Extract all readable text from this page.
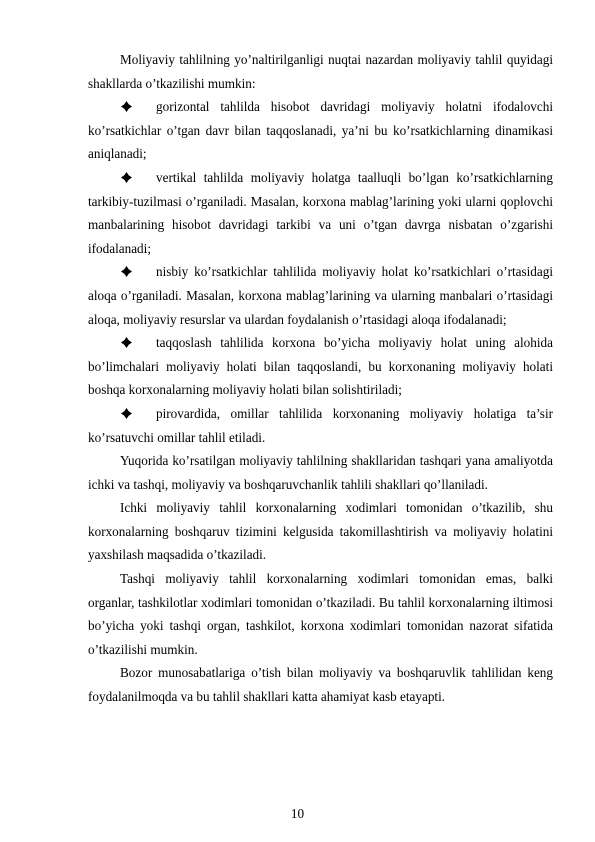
Moliyaviy tahlilning yo’naltirilganligi nuqtai nazardan moliyaviy tahlil quyidagi shakllarda o’tkazilishi mumkin:

gorizontal tahlilda hisobot davridagi moliyaviy holatni ifodalovchi ko’rsatkichlar o’tgan davr bilan taqqoslanadi, ya’ni bu ko’rsatkichlarning dinamikasi aniqlanadi;

vertikal tahlilda moliyaviy holatga taalluqli bo’lgan ko’rsatkichlarning tarkibiy-tuzilmasi o’rganiladi. Masalan, korxona mablag’larining yoki ularni qoplovchi manbalarining hisobot davridagi tarkibi va uni o’tgan davrga nisbatan o’zgarishi ifodalanadi;

nisbiy ko’rsatkichlar tahlilida moliyaviy holat ko’rsatkichlari o’rtasidagi aloqa o’rganiladi. Masalan, korxona mablag’larining va ularning manbalari o’rtasidagi aloqa, moliyaviy resurslar va ulardan foydalanish o’rtasidagi aloqa ifodalanadi;

taqqoslash tahlilida korxona bo’yicha moliyaviy holat uning alohida bo’limchalari moliyaviy holati bilan taqqoslandi, bu korxonaning moliyaviy holati boshqa korxonalarning moliyaviy holati bilan solishtiriladi;

pirovardida, omillar tahlilida korxonaning moliyaviy holatiga ta’sir ko’rsatuvchi omillar tahlil etiladi.

Yuqorida ko’rsatilgan moliyaviy tahlilning shakllaridan tashqari yana amaliyotda ichki va tashqi, moliyaviy va boshqaruvchanlik tahlili shakllari qo’llaniladi.

Ichki moliyaviy tahlil korxonalarning xodimlari tomonidan o’tkazilib, shu korxonalarning boshqaruv tizimini kelgusida takomillashtirish va moliyaviy holatini yaxshilash maqsadida o’tkaziladi.

Tashqi moliyaviy tahlil korxonalarning xodimlari tomonidan emas, balki organlar, tashkilotlar xodimlari tomonidan o’tkaziladi. Bu tahlil korxonalarning iltimosi bo’yicha yoki tashqi organ, tashkilot, korxona xodimlari tomonidan nazorat sifatida o’tkazilishi mumkin.

Bozor munosabatlariga o’tish bilan moliyaviy va boshqaruvlik tahlilidan keng foydalanilmoqda va bu tahlil shakllari katta ahamiyat kasb etayapti.

10
